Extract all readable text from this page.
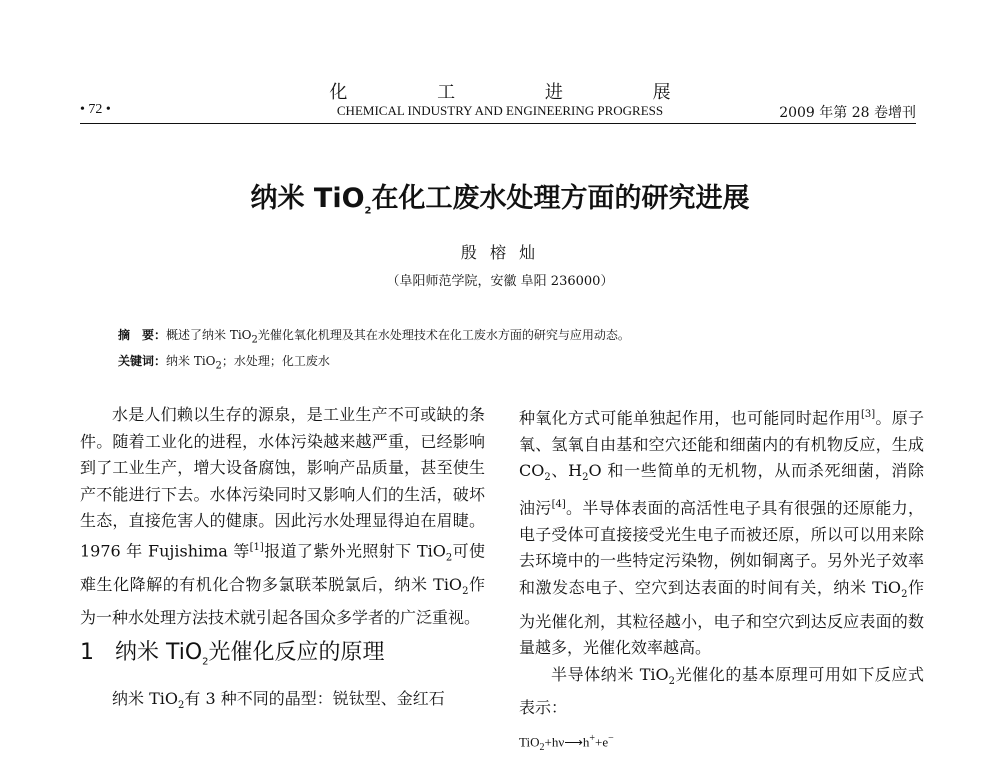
化 工 进 展
• 72 •	CHEMICAL INDUSTRY AND ENGINEERING PROGRESS	2009 年第 28 卷增刊
纳米 TiO$_2$在化工废水处理方面的研究进展
殷 榕 灿
（阜阳师范学院，安徽 阜阳 236000）
摘　要：概述了纳米 TiO$_2$光催化氧化机理及其在水处理技术在化工废水方面的研究与应用动态。
关键词：纳米 TiO$_2$；水处理；化工废水

水是人们赖以生存的源泉，是工业生产不可或缺的条件。随着工业化的进程，水体污染越来越严重，已经影响到了工业生产，增大设备腐蚀，影响产品质量，甚至使生产不能进行下去。水体污染同时又影响人们的生活，破坏生态，直接危害人的健康。因此污水处理显得迫在眉睫。1976 年 Fujishima 等[1]报道了紫外光照射下 TiO$_2$可使难生化降解的有机化合物多氯联苯脱氯后，纳米 TiO$_2$作为一种水处理方法技术就引起各国众多学者的广泛重视。

1 纳米 TiO$_2$光催化反应的原理

纳米 TiO$_2$有 3 种不同的晶型：锐钛型、金红石

种氧化方式可能单独起作用，也可能同时起作用[3]。原子氧、氢氧自由基和空穴还能和细菌内的有机物反应，生成 $CO_2$、$H_2O$ 和一些简单的无机物，从而杀死细菌，消除油污[4]。半导体表面的高活性电子具有很强的还原能力，电子受体可直接接受光生电子而被还原，所以可以用来除去环境中的一些特定污染物，例如铜离子。另外光子效率和激发态电子、空穴到达表面的时间有关，纳米 TiO$_2$作为光催化剂，其粒径越小，电子和空穴到达反应表面的数量越多，光催化效率越高。

半导体纳米 TiO$_2$光催化的基本原理可用如下反应式表示：

TiO$_2$+hν⟶h++e−
